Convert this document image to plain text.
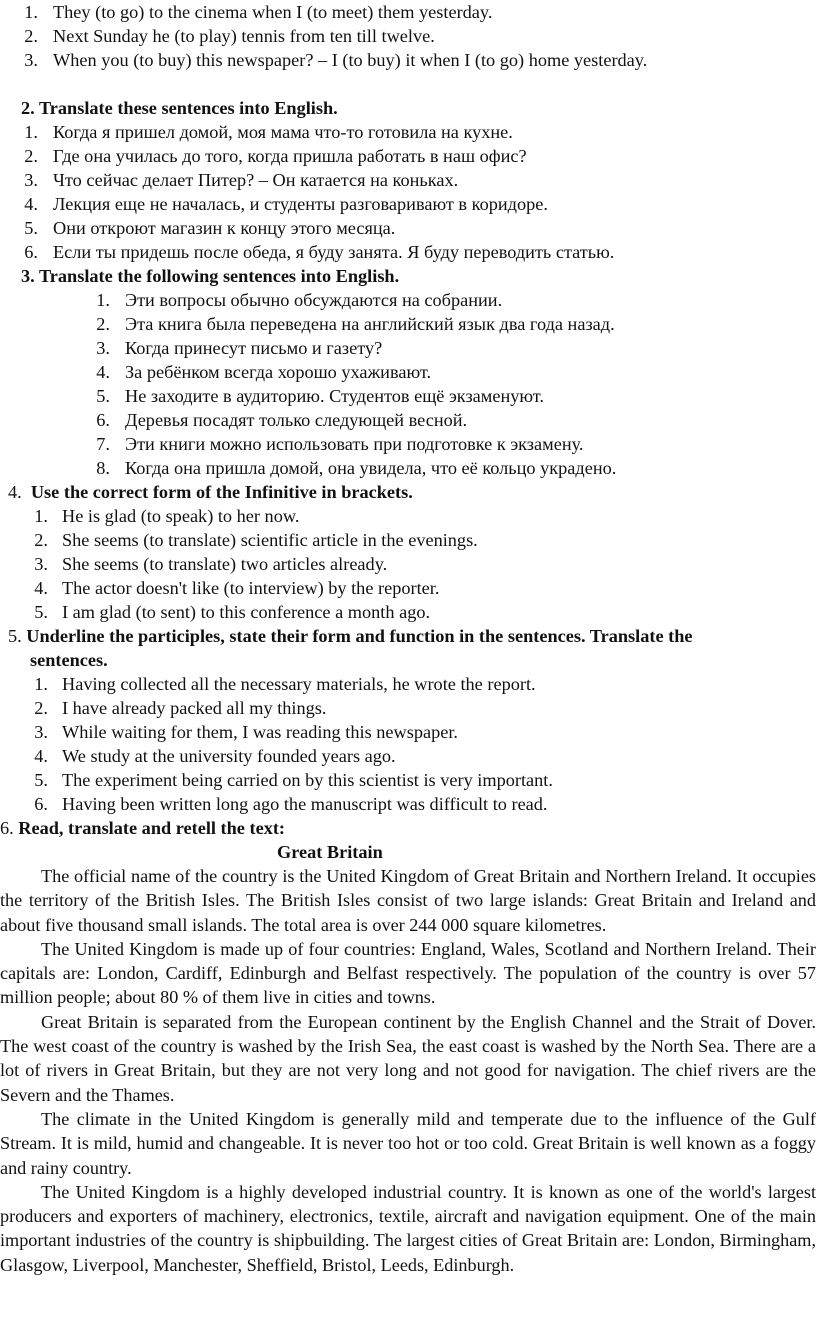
1. They (to go) to the cinema when I (to meet) them yesterday.
2. Next Sunday he (to play) tennis from ten till twelve.
3. When you (to buy) this newspaper? – I (to buy) it when I (to go) home yesterday.
2. Translate these sentences into English.
1. Когда я пришел домой, моя мама что-то готовила на кухне.
2. Где она училась до того, когда пришла работать в наш офис?
3. Что сейчас делает Питер? – Он катается на коньках.
4. Лекция еще не началась, и студенты разговаривают в коридоре.
5. Они откроют магазин к концу этого месяца.
6. Если ты придешь после обеда, я буду занята. Я буду переводить статью.
3. Translate the following sentences into English.
1. Эти вопросы обычно обсуждаются на собрании.
2. Эта книга была переведена на английский язык два года назад.
3. Когда принесут письмо и газету?
4. За ребёнком всегда хорошо ухаживают.
5. Не заходите в аудиторию. Студентов ещё экзаменуют.
6. Деревья посадят только следующей весной.
7. Эти книги можно использовать при подготовке к экзамену.
8. Когда она пришла домой, она увидела, что её кольцо украдено.
4. Use the correct form of the Infinitive in brackets.
1. He is glad (to speak) to her now.
2. She seems (to translate) scientific article in the evenings.
3. She seems (to translate) two articles already.
4. The actor doesn't like (to interview) by the reporter.
5. I am glad (to sent) to this conference a month ago.
5. Underline the participles, state their form and function in the sentences. Translate the
sentences.
1. Having collected all the necessary materials, he wrote the report.
2. I have already packed all my things.
3. While waiting for them, I was reading this newspaper.
4. We study at the university founded years ago.
5. The experiment being carried on by this scientist is very important.
6. Having been written long ago the manuscript was difficult to read.
6. Read, translate and retell the text:
Great Britain

The official name of the country is the United Kingdom of Great Britain and Northern Ireland. It occupies the territory of the British Isles. The British Isles consist of two large islands: Great Britain and Ireland and about five thousand small islands. The total area is over 244 000 square kilometres.

The United Kingdom is made up of four countries: England, Wales, Scotland and Northern Ireland. Their capitals are: London, Cardiff, Edinburgh and Belfast respectively. The population of the country is over 57 million people; about 80 % of them live in cities and towns.

Great Britain is separated from the European continent by the English Channel and the Strait of Dover. The west coast of the country is washed by the Irish Sea, the east coast is washed by the North Sea. There are a lot of rivers in Great Britain, but they are not very long and not good for navigation. The chief rivers are the Severn and the Thames.

The climate in the United Kingdom is generally mild and temperate due to the influence of the Gulf Stream. It is mild, humid and changeable. It is never too hot or too cold. Great Britain is well known as a foggy and rainy country.

The United Kingdom is a highly developed industrial country. It is known as one of the world's largest producers and exporters of machinery, electronics, textile, aircraft and navigation equipment. One of the main important industries of the country is shipbuilding. The largest cities of Great Britain are: London, Birmingham, Glasgow, Liverpool, Manchester, Sheffield, Bristol, Leeds, Edinburgh.
